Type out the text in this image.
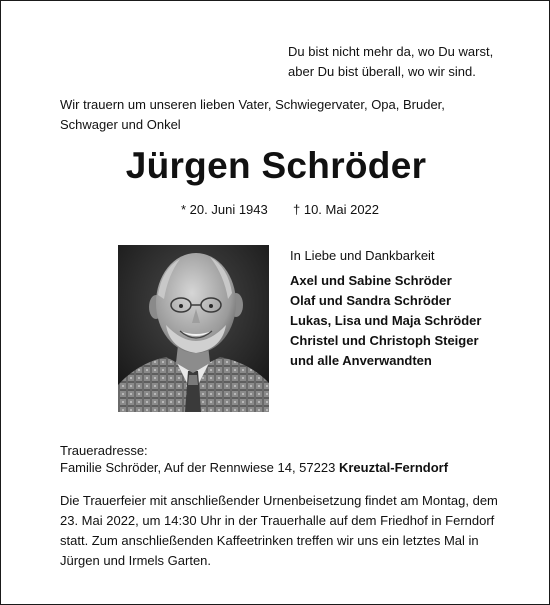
Du bist nicht mehr da, wo Du warst,
aber Du bist überall, wo wir sind.
Wir trauern um unseren lieben Vater, Schwiegervater, Opa, Bruder,
Schwager und Onkel
Jürgen Schröder
* 20. Juni 1943 † 10. Mai 2022
In Liebe und Dankbarkeit
Axel und Sabine Schröder
Olaf und Sandra Schröder
Lukas, Lisa und Maja Schröder
Christel und Christoph Steiger
und alle Anverwandten
Traueradresse:
Familie Schröder, Auf der Rennwiese 14, 57223 Kreuztal-Ferndorf
Die Trauerfeier mit anschließender Urnenbeisetzung findet am Montag, dem
23. Mai 2022, um 14:30 Uhr in der Trauerhalle auf dem Friedhof in Ferndorf
statt. Zum anschließenden Kaffeetrinken treffen wir uns ein letztes Mal in
Jürgen und Irmels Garten.
